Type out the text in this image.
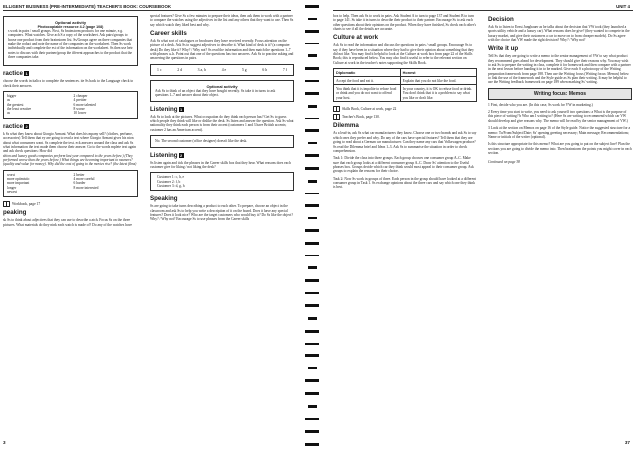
ELLIGENT BUSINESS (PRE-INTERMEDIATE) TEACHER'S BOOK: COURSEBOOK	UNIT 4
Optional activity
Photocopiable resource 4.2 (page 108)

s work in pairs / small groups. First, Ss brainstorm products for one minute, e.g. computers. What watches. Give ach S a copy of the worksheet. Ask pairs/groups to hoose one product from their brainstorm list. Ss/Groups agree on three companies that make the roduct and note the name of the companies on the worksheet. Then Ss work individually and complete the est of the information on the worksheet. Ss then use heir notes to discuss with their partner/group the ifferent approaches to the product that the three companies take.

ractice 1

choose the words in italics to complete the sentences. ite Ss back to the Language check to check their answers.

bigger	2 cheaper
as	4 prettier
the greatest	6 more talented
the least creative	8 worse
as	10 lower
ractice 2

k Ss what they know about Giorgio Armani. What does his mpany sell? (clothes, perfume, accessories) Tell them that ey are going to read a text where Giorgio Armani gives his nion about what consumers want. Ss complete the text. eck answers around the class and ask Ss what information the text made them choose their answer. Go to the words mplete text again and ask check questions: How did

shion and luxury goods companies perform last year compared to the years before.) (They performed worse than the years before.) What things are becoming important to nsumers? (quality and value for money). Why did the cost of going to the movies rise? (the latest films)

worst	2 better
more optimistic	4 more careful
more important	6 harder
longer	8 more interested
newest
Workbook, page 17
peaking

sk Ss to think about adjectives that they can use to describe a atch. Focus Ss on the three pictures. What materials do they nink each watch is made of? Do any of the watches have

special features? Give Ss a few minutes to prepare their ideas, then ask them to work with a partner to compare the watches using the adjectives in the list and any others that they want to use. Then Ss say which watch they liked best and why.

Career skills

Ask Ss what sort of catalogues or brochures they have received recently. Focus attention on the picture of a desk. Ask Ss to suggest adjectives to describe it. What kind of desk is it? (a computer desk) Do they like it? Why? / Why not? Ss read the information and then match the questions 1–7 with phrases a–h. Point out that one of the questions has two answers. Ask Ss to practise asking and answering the questions in pairs.

1 c	2 d	3 a, b	4 e	5 g	6 h	7 f
Optional activity

Ask Ss to think of an object that they have bought recently. Ss take it in turns to ask questions 1–7 and answer about their object.

Listening 1

Ask Ss to look at the pictures. What occupation do they think each person has? Get Ss to guess which people they think will like or dislike the desk. Ss listen and answer the question. Ask Ss what nationality they think each person is from their accent (customers 1 and 3 have British accents; customer 2 has an American accent).

No. The second customer (office designer) doesn't like the desk.
Listening 2

Ss listen again and tick the phrases in the Career skills box that they hear. What reasons does each customer give for liking / not liking the desk?

Customer 1: c, h, e
Customer 2: f, b
Customer 3: d, g, h
Speaking

Ss are going to take turns describing a product to each other. To prepare, choose an object in the classroom and ask Ss to help you write a description of it on the board. Does it have any special features? Does it look nice? Who are the target customers who would buy it? Do Ss like the object? Why? / Why not? Encourage Ss to use phrases from the Career skills

box to help. Then ask Ss to work in pairs. Ask Student A to turn to page 137 and Student B to turn to page 141. Ss take it in turns to describe their product to their partner. Encourage Ss to ask each other questions about their opinions on the product. When they have finished, Ss check each other's charts to see if all the details are accurate.

Culture at work

Ask Ss to read the information and discuss the questions in pairs / small groups. Encourage Ss to say if they have been in a situation where they had to give their opinion about something that they did not like. You may find it helpful to look at the Culture at work box from page 22 of the Skills Book; this is reproduced below. You may also find it useful to refer to the relevant section on Culture at work in the teacher's notes supporting the Skills Book.

Diplomatic	Honest
Accept the food and eat it.	Explain that you do not like the food.
You think that it is impolite to refuse food or drink and you do not want to offend your host.	In your country, it is OK to refuse food or drink. You don't think that it is a problem to say what you like or don't like.
Skills Book, Culture at work, page 22
Teacher's Book, page 130.
Dilemma

As a lead-in, ask Ss what car manufacturers they know. Choose one or two brands and ask Ss to say which ones they prefer and why. Do any of the cars have special features? Tell them that they are going to read about a German car manufacturer. Can they name any cars that Volkswagen produce? Ss read the Dilemma brief and Ideas 1–3. Ask Ss to summarise the situation in order to check comprehension.

Task 1: Divide the class into three groups. Each group chooses one consumer group A–C. Make sure that each group looks at a different consumer group A–C. Draw Ss' attention to the Useful phrases box. Groups decide which car they think would most appeal to their consumer group. Ask groups to explain the reasons for their choice.

Task 2: Now Ss work in groups of three. Each person in the group should have looked at a different consumer group in Task 1. Ss exchange opinions about the three cars and say which one they think is best.

Decision

Ask Ss to listen to Ernst Jungbauer as he talks about the decision that VW took (they launched a sports utility vehicle and a luxury car). What reasons does he give? (they wanted to compete in the luxury market, and give their customers a car to move on to from cheaper models). Do Ss agree with the choice that VW made the right decision? Why? / Why not?

Write it up

Tell Ss that they are going to write a memo to the senior management of VW to say what product they recommend goes ahead for development. They should give their reasons why. You may wish to ask Ss to prepare the writing in class, complete it for homework and then compare with a partner in the next lesson before handing it in to be marked. Give each S a photocopy of the Writing preparation framework from page 188. Then use the Writing focus (Writing focus: Memos) below to link the use of the framework and the Style guide as Ss plan their writing. It may be helpful to use the Writing feedback framework on page 189 when marking Ss' writing.

Writing focus: Memos

1 First, decide who you are. (In this case, Ss work for VW in marketing.)

2 Every time you start to write, you need to ask yourself two questions: a What is the purpose of this piece of writing? b Who am I writing to? (Here Ss are writing to recommend which car VW should develop and give reasons why. The memo will be read by the senior management of VW.)

3 Look at the section on Memos on page 16 of the Style guide. Notice the suggested structure for a memo: To/From/Subject/Date; Ss' opening greeting necessary; Main message; Recommendations; Name or initials of the writer (optional).

Is this structure appropriate for this memo? What are you going to put on the subject line? Plan the sections you are going to divide the memo into. Then brainstorm the points you might cover in each section.

Continued on page 38

3	37
